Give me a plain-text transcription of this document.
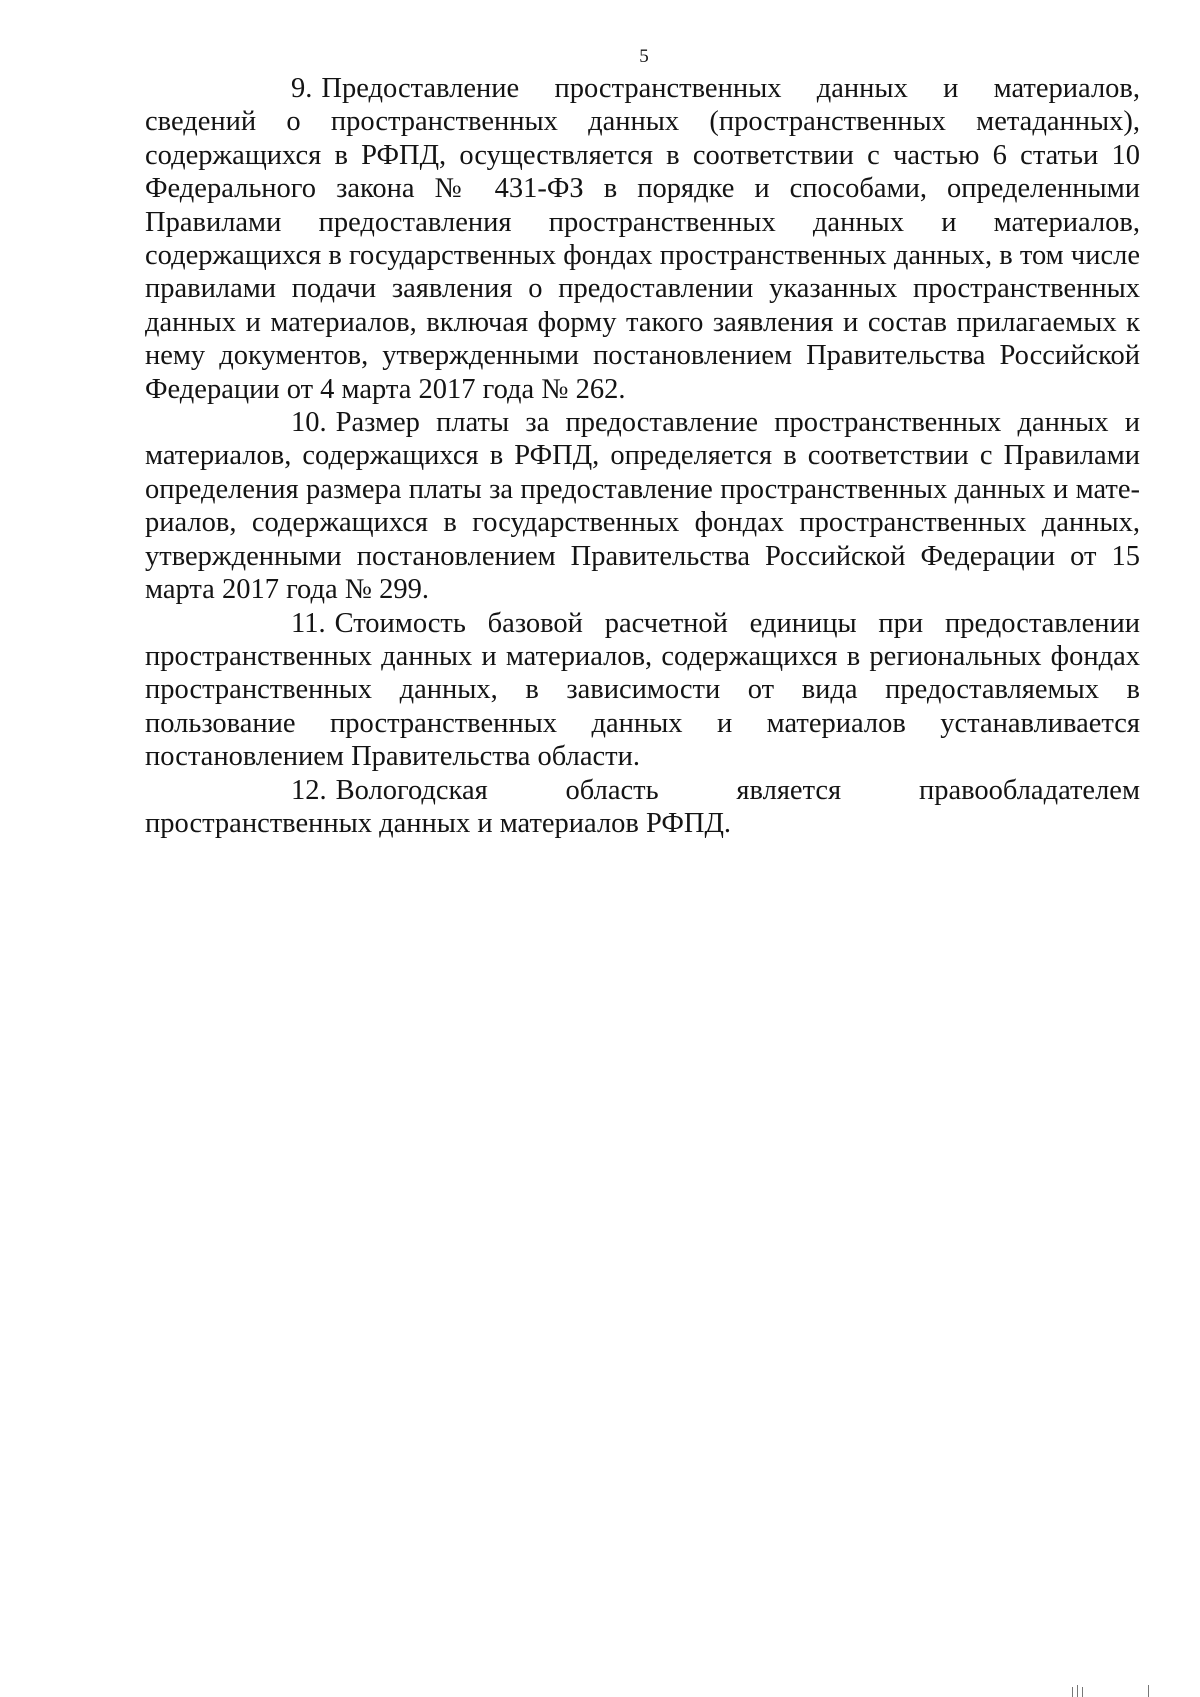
5

9. Предоставление пространственных данных и материалов, сведений о пространственных данных (пространственных метаданных), содержащихся в РФПД, осуществляется в соответствии с частью 6 статьи 10 Федерального закона № 431-ФЗ в порядке и способами, определенными Правилами предоставления пространственных данных и материалов, содержащихся в государственных фондах пространственных данных, в том числе правилами подачи заявления о предоставлении указанных пространственных данных и материалов, включая форму такого заявления и состав прилагаемых к нему документов, утвержденными постановлением Правительства Российской Федерации от 4 марта 2017 года № 262.

10. Размер платы за предоставление пространственных данных и материалов, содержащихся в РФПД, определяется в соответствии с Правилами определения размера платы за предоставление пространственных данных и материалов, содержащихся в государственных фондах пространственных данных, утвержденными постановлением Правительства Российской Федерации от 15 марта 2017 года № 299.

11. Стоимость базовой расчетной единицы при предоставлении пространственных данных и материалов, содержащихся в региональных фондах пространственных данных, в зависимости от вида предоставляемых в пользование пространственных данных и материалов устанавливается постановлением Правительства области.

12. Вологодская область является правообладателем пространственных данных и материалов РФПД.
